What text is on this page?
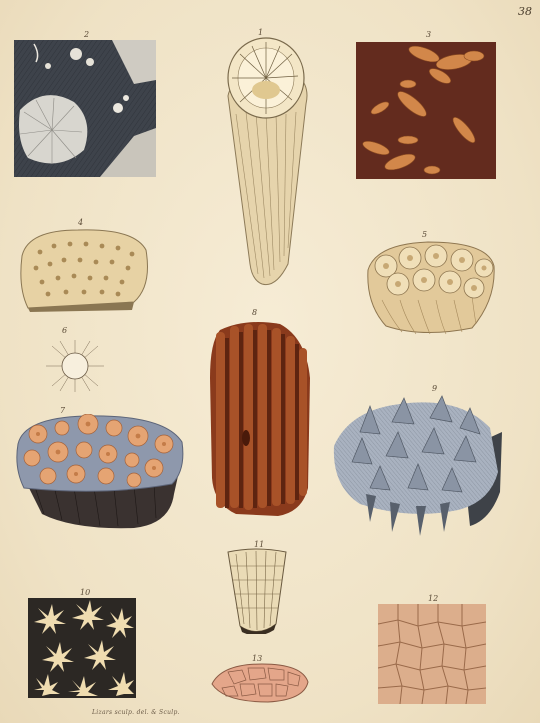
38
2	1	3
4
5
6
8
7
9
11
10
12
13
Lizars sculp. del. & Sculp.
